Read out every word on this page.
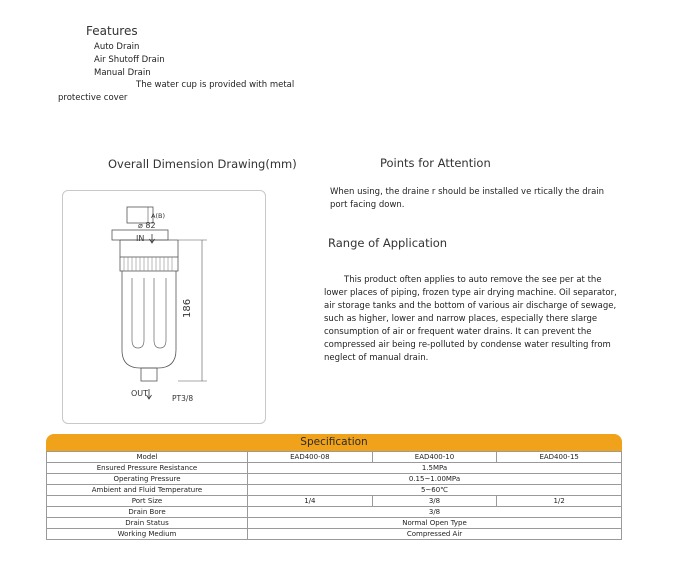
Features
Auto Drain
Air Shutoff Drain
Manual Drain
The water cup is provided with metal
protective cover
Overall Dimension Drawing(mm)
A(B)
⌀ 82
IN
186
OUT
PT3/8
Points for Attention
When using, the draine r should be installed ve rtically the drain
port facing down.
Range of Application
This product often applies to auto remove the see per at the
lower places of piping, frozen type air drying machine. Oil separator,
air storage tanks and the bottom of various air discharge of sewage,
such as higher, lower and narrow places, especially there slarge
consumption of air or frequent water drains. It can prevent the
compressed air being re-polluted by condense water resulting from
neglect of manual drain.
Specification
Model	EAD400-08	EAD400-10	EAD400-15
Ensured Pressure Resistance	1.5MPa		
Operating Pressure	0.15~1.00MPa		
Ambient and Fluid Temperature	5~60℃		
Port Size	1/4	3/8	1/2
Drain Bore	3/8		
Drain Status	Normal Open Type		
Working Medium	Compressed Air		
